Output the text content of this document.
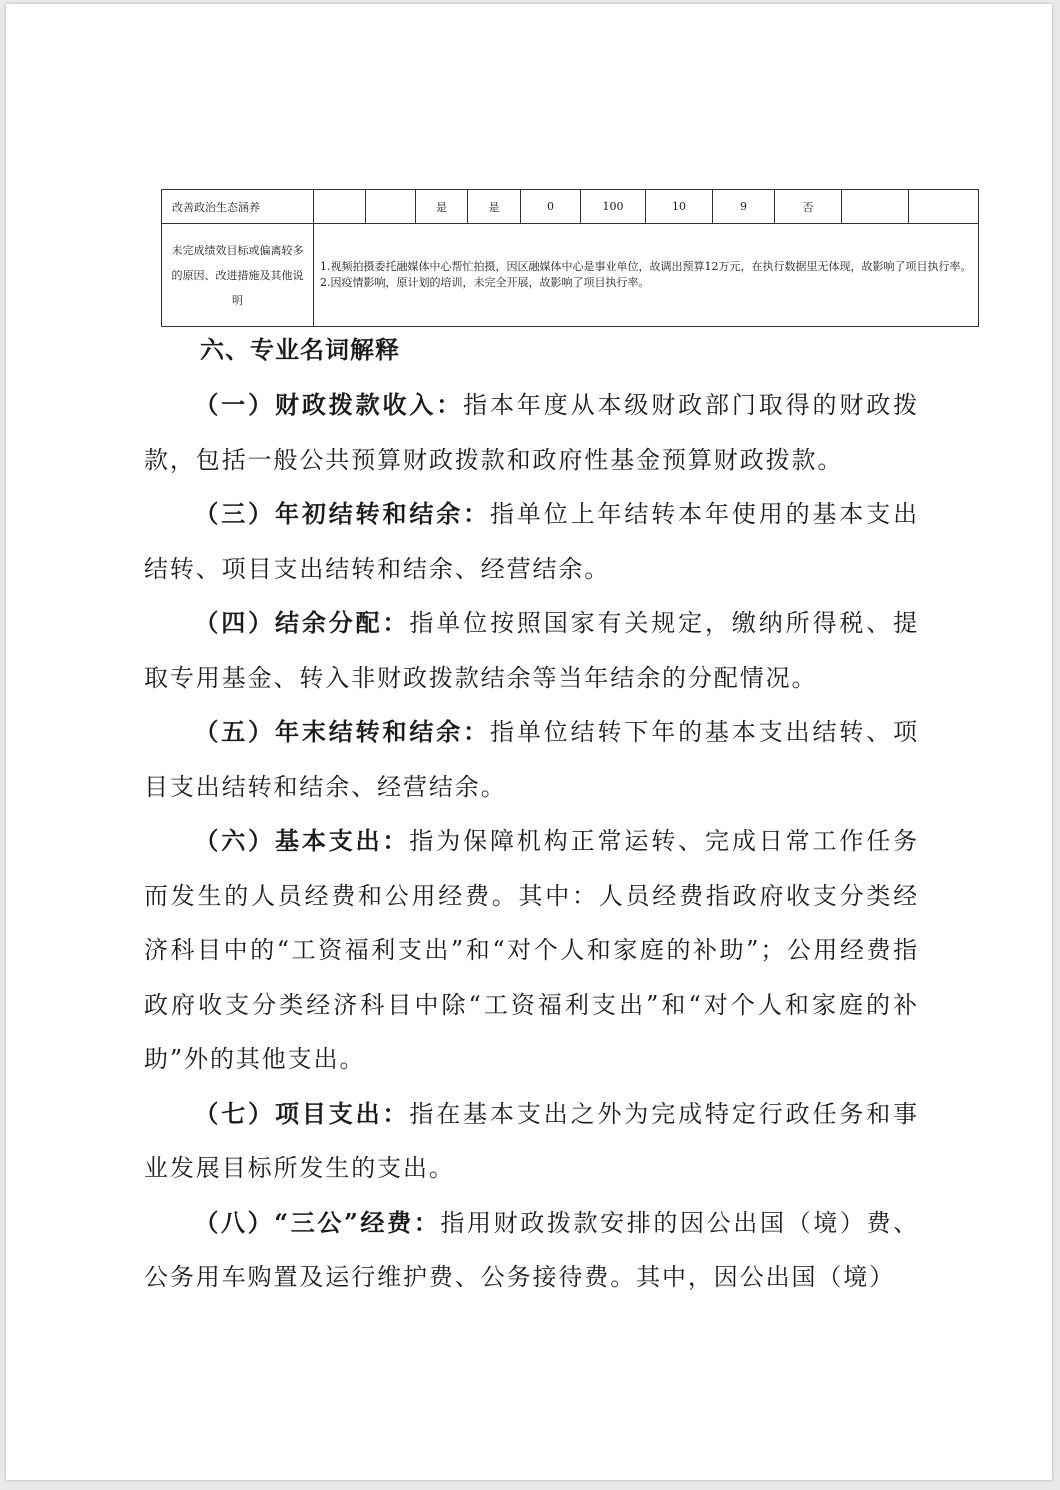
改善政治生态涵养			是	是	0	100	10	9	否		
未完成绩效目标或偏离较多的原因、改进措施及其他说明	1.视频拍摄委托融媒体中心帮忙拍摄，因区融媒体中心是事业单位，故调出预算12万元，在执行数据里无体现，故影响了项目执行率。2.因疫情影响，原计划的培训，未完全开展，故影响了项目执行率。										
六、专业名词解释

（一）财政拨款收入：指本年度从本级财政部门取得的财政拨款，包括一般公共预算财政拨款和政府性基金预算财政拨款。

（三）年初结转和结余：指单位上年结转本年使用的基本支出结转、项目支出结转和结余、经营结余。

（四）结余分配：指单位按照国家有关规定，缴纳所得税、提取专用基金、转入非财政拨款结余等当年结余的分配情况。

（五）年末结转和结余：指单位结转下年的基本支出结转、项目支出结转和结余、经营结余。

（六）基本支出：指为保障机构正常运转、完成日常工作任务而发生的人员经费和公用经费。其中：人员经费指政府收支分类经济科目中的“工资福利支出”和“对个人和家庭的补助”；公用经费指政府收支分类经济科目中除“工资福利支出”和“对个人和家庭的补助”外的其他支出。

（七）项目支出：指在基本支出之外为完成特定行政任务和事业发展目标所发生的支出。

（八）“三公”经费：指用财政拨款安排的因公出国（境）费、公务用车购置及运行维护费、公务接待费。其中，因公出国（境）
